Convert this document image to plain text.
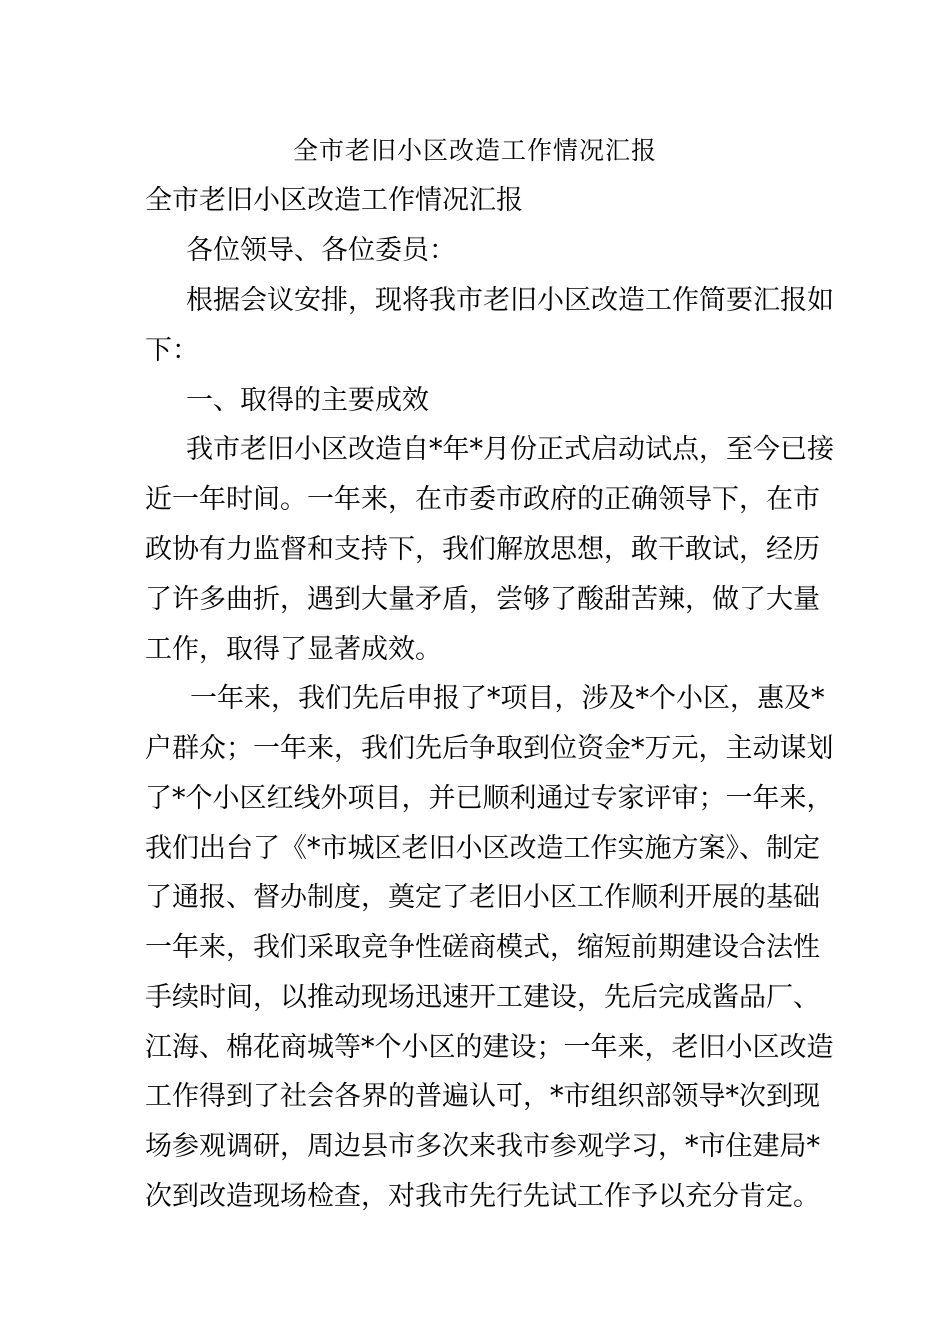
全市老旧小区改造工作情况汇报
全市老旧小区改造工作情况汇报
各位领导、各位委员：
根据会议安排，现将我市老旧小区改造工作简要汇报如
下：
一、取得的主要成效
我市老旧小区改造自*年*月份正式启动试点，至今已接
近一年时间。一年来，在市委市政府的正确领导下，在市
政协有力监督和支持下，我们解放思想，敢干敢试，经历
了许多曲折，遇到大量矛盾，尝够了酸甜苦辣，做了大量
工作，取得了显著成效。
一年来，我们先后申报了*项目，涉及*个小区，惠及*
户群众；一年来，我们先后争取到位资金*万元，主动谋划
了*个小区红线外项目，并已顺利通过专家评审；一年来，
我们出台了《*市城区老旧小区改造工作实施方案》、制定
了通报、督办制度，奠定了老旧小区工作顺利开展的基础
一年来，我们采取竞争性磋商模式，缩短前期建设合法性
手续时间，以推动现场迅速开工建设，先后完成酱品厂、
江海、棉花商城等*个小区的建设；一年来，老旧小区改造
工作得到了社会各界的普遍认可，*市组织部领导*次到现
场参观调研，周边县市多次来我市参观学习，*市住建局*
次到改造现场检查，对我市先行先试工作予以充分肯定。
